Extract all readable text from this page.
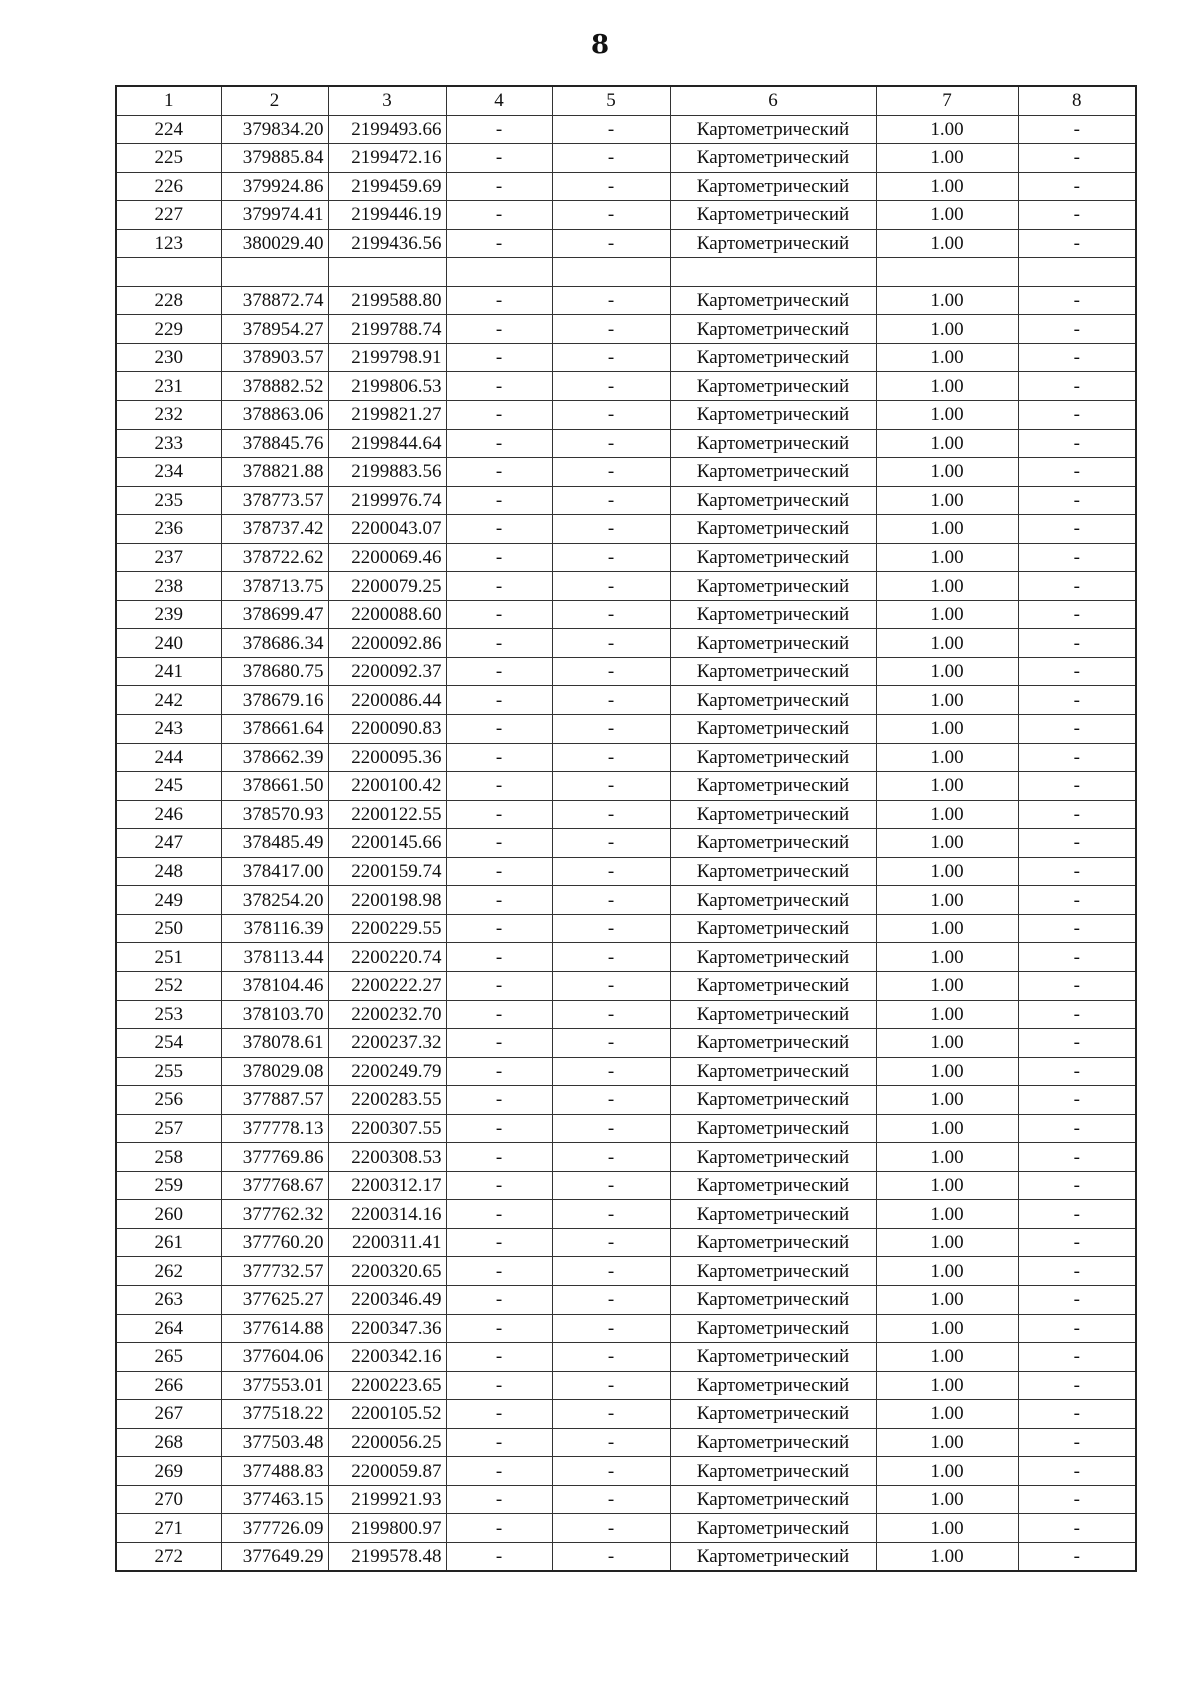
8
1	2	3	4	5	6	7	8
224	379834.20	2199493.66	-	-	Картометрический	1.00	-
225	379885.84	2199472.16	-	-	Картометрический	1.00	-
226	379924.86	2199459.69	-	-	Картометрический	1.00	-
227	379974.41	2199446.19	-	-	Картометрический	1.00	-
123	380029.40	2199436.56	-	-	Картометрический	1.00	-

228	378872.74	2199588.80	-	-	Картометрический	1.00	-
229	378954.27	2199788.74	-	-	Картометрический	1.00	-
230	378903.57	2199798.91	-	-	Картометрический	1.00	-
231	378882.52	2199806.53	-	-	Картометрический	1.00	-
232	378863.06	2199821.27	-	-	Картометрический	1.00	-
233	378845.76	2199844.64	-	-	Картометрический	1.00	-
234	378821.88	2199883.56	-	-	Картометрический	1.00	-
235	378773.57	2199976.74	-	-	Картометрический	1.00	-
236	378737.42	2200043.07	-	-	Картометрический	1.00	-
237	378722.62	2200069.46	-	-	Картометрический	1.00	-
238	378713.75	2200079.25	-	-	Картометрический	1.00	-
239	378699.47	2200088.60	-	-	Картометрический	1.00	-
240	378686.34	2200092.86	-	-	Картометрический	1.00	-
241	378680.75	2200092.37	-	-	Картометрический	1.00	-
242	378679.16	2200086.44	-	-	Картометрический	1.00	-
243	378661.64	2200090.83	-	-	Картометрический	1.00	-
244	378662.39	2200095.36	-	-	Картометрический	1.00	-
245	378661.50	2200100.42	-	-	Картометрический	1.00	-
246	378570.93	2200122.55	-	-	Картометрический	1.00	-
247	378485.49	2200145.66	-	-	Картометрический	1.00	-
248	378417.00	2200159.74	-	-	Картометрический	1.00	-
249	378254.20	2200198.98	-	-	Картометрический	1.00	-
250	378116.39	2200229.55	-	-	Картометрический	1.00	-
251	378113.44	2200220.74	-	-	Картометрический	1.00	-
252	378104.46	2200222.27	-	-	Картометрический	1.00	-
253	378103.70	2200232.70	-	-	Картометрический	1.00	-
254	378078.61	2200237.32	-	-	Картометрический	1.00	-
255	378029.08	2200249.79	-	-	Картометрический	1.00	-
256	377887.57	2200283.55	-	-	Картометрический	1.00	-
257	377778.13	2200307.55	-	-	Картометрический	1.00	-
258	377769.86	2200308.53	-	-	Картометрический	1.00	-
259	377768.67	2200312.17	-	-	Картометрический	1.00	-
260	377762.32	2200314.16	-	-	Картометрический	1.00	-
261	377760.20	2200311.41	-	-	Картометрический	1.00	-
262	377732.57	2200320.65	-	-	Картометрический	1.00	-
263	377625.27	2200346.49	-	-	Картометрический	1.00	-
264	377614.88	2200347.36	-	-	Картометрический	1.00	-
265	377604.06	2200342.16	-	-	Картометрический	1.00	-
266	377553.01	2200223.65	-	-	Картометрический	1.00	-
267	377518.22	2200105.52	-	-	Картометрический	1.00	-
268	377503.48	2200056.25	-	-	Картометрический	1.00	-
269	377488.83	2200059.87	-	-	Картометрический	1.00	-
270	377463.15	2199921.93	-	-	Картометрический	1.00	-
271	377726.09	2199800.97	-	-	Картометрический	1.00	-
272	377649.29	2199578.48	-	-	Картометрический	1.00	-
